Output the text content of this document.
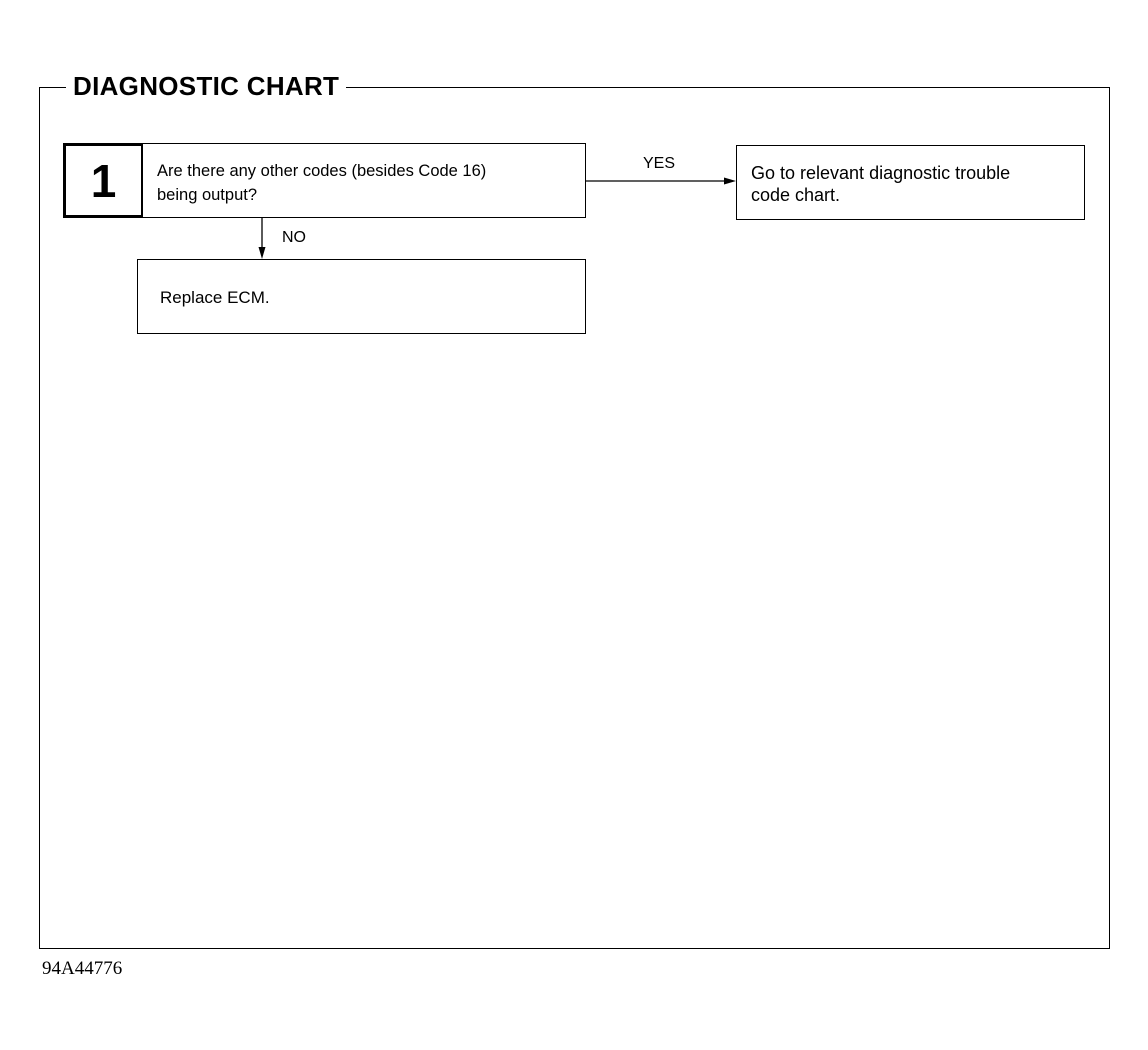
DIAGNOSTIC CHART
1	Are there any other codes (besides Code 16)
being output?
YES	Go to relevant diagnostic trouble
code chart.
NO
Replace ECM.
94A44776
